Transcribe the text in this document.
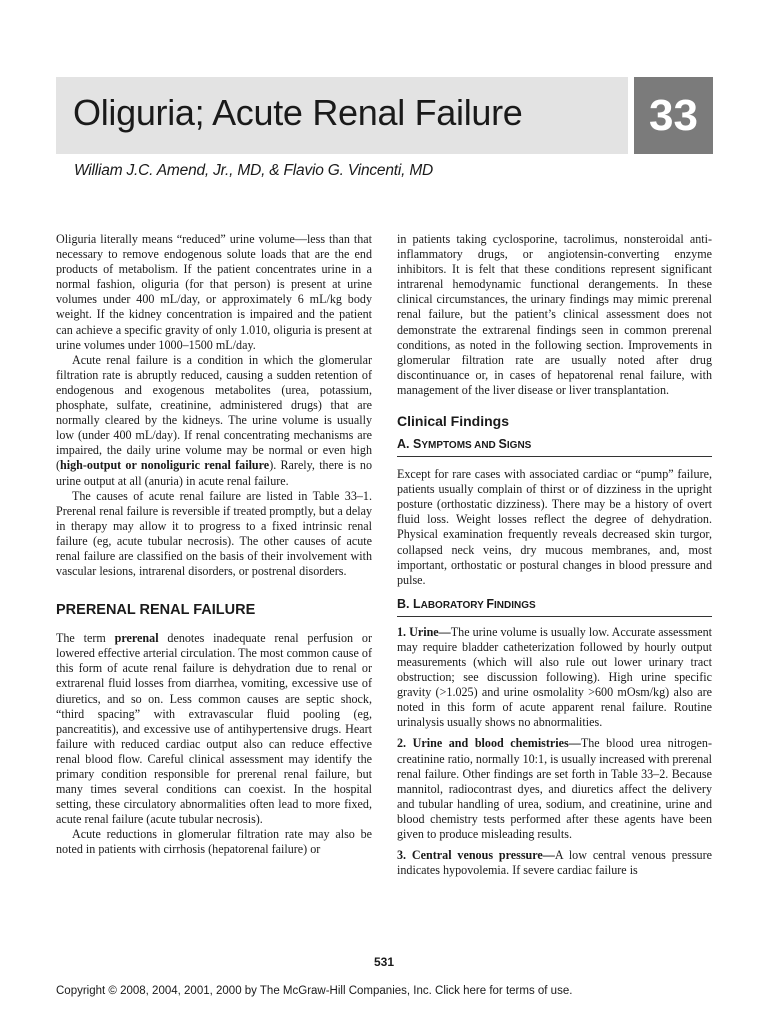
Oliguria; Acute Renal Failure	33
William J.C. Amend, Jr., MD, & Flavio G. Vincenti, MD

Oliguria literally means “reduced” urine volume—less than that necessary to remove endogenous solute loads that are the end products of metabolism. If the patient concentrates urine in a normal fashion, oliguria (for that person) is present at urine volumes under 400 mL/day, or approximately 6 mL/kg body weight. If the kidney concentration is impaired and the patient can achieve a specific gravity of only 1.010, oliguria is present at urine volumes under 1000–1500 mL/day.

Acute renal failure is a condition in which the glomerular filtration rate is abruptly reduced, causing a sudden retention of endogenous and exogenous metabolites (urea, potassium, phosphate, sulfate, creatinine, administered drugs) that are normally cleared by the kidneys. The urine volume is usually low (under 400 mL/day). If renal concentrating mechanisms are impaired, the daily urine volume may be normal or even high (high-output or nonoliguric renal failure). Rarely, there is no urine output at all (anuria) in acute renal failure.

The causes of acute renal failure are listed in Table 33–1. Prerenal renal failure is reversible if treated promptly, but a delay in therapy may allow it to progress to a fixed intrinsic renal failure (eg, acute tubular necrosis). The other causes of acute renal failure are classified on the basis of their involvement with vascular lesions, intrarenal disorders, or postrenal disorders.

PRERENAL RENAL FAILURE

The term prerenal denotes inadequate renal perfusion or lowered effective arterial circulation. The most common cause of this form of acute renal failure is dehydration due to renal or extrarenal fluid losses from diarrhea, vomiting, excessive use of diuretics, and so on. Less common causes are septic shock, “third spacing” with extravascular fluid pooling (eg, pancreatitis), and excessive use of antihypertensive drugs. Heart failure with reduced cardiac output also can reduce effective renal blood flow. Careful clinical assessment may identify the primary condition responsible for prerenal renal failure, but many times several conditions can coexist. In the hospital setting, these circulatory abnormalities often lead to more fixed, acute renal failure (acute tubular necrosis).

Acute reductions in glomerular filtration rate may also be noted in patients with cirrhosis (hepatorenal failure) or

in patients taking cyclosporine, tacrolimus, nonsteroidal anti-inflammatory drugs, or angiotensin-converting enzyme inhibitors. It is felt that these conditions represent significant intrarenal hemodynamic functional derangements. In these clinical circumstances, the urinary findings may mimic prerenal renal failure, but the patient’s clinical assessment does not demonstrate the extrarenal findings seen in common prerenal conditions, as noted in the following section. Improvements in glomerular filtration rate are usually noted after drug discontinuance or, in cases of hepatorenal renal failure, with management of the liver disease or liver transplantation.

Clinical Findings
A. SYMPTOMS AND SIGNS

Except for rare cases with associated cardiac or “pump” failure, patients usually complain of thirst or of dizziness in the upright posture (orthostatic dizziness). There may be a history of overt fluid loss. Weight losses reflect the degree of dehydration. Physical examination frequently reveals decreased skin turgor, collapsed neck veins, dry mucous membranes, and, most important, orthostatic or postural changes in blood pressure and pulse.

B. LABORATORY FINDINGS

1. Urine—The urine volume is usually low. Accurate assessment may require bladder catheterization followed by hourly output measurements (which will also rule out lower urinary tract obstruction; see discussion following). High urine specific gravity (>1.025) and urine osmolality >600 mOsm/kg) also are noted in this form of acute apparent renal failure. Routine urinalysis usually shows no abnormalities.

2. Urine and blood chemistries—The blood urea nitrogen-creatinine ratio, normally 10:1, is usually increased with prerenal renal failure. Other findings are set forth in Table 33–2. Because mannitol, radiocontrast dyes, and diuretics affect the delivery and tubular handling of urea, sodium, and creatinine, urine and blood chemistry tests performed after these agents have been given to produce misleading results.

3. Central venous pressure—A low central venous pressure indicates hypovolemia. If severe cardiac failure is

531
Copyright © 2008, 2004, 2001, 2000 by The McGraw-Hill Companies, Inc. Click here for terms of use.
